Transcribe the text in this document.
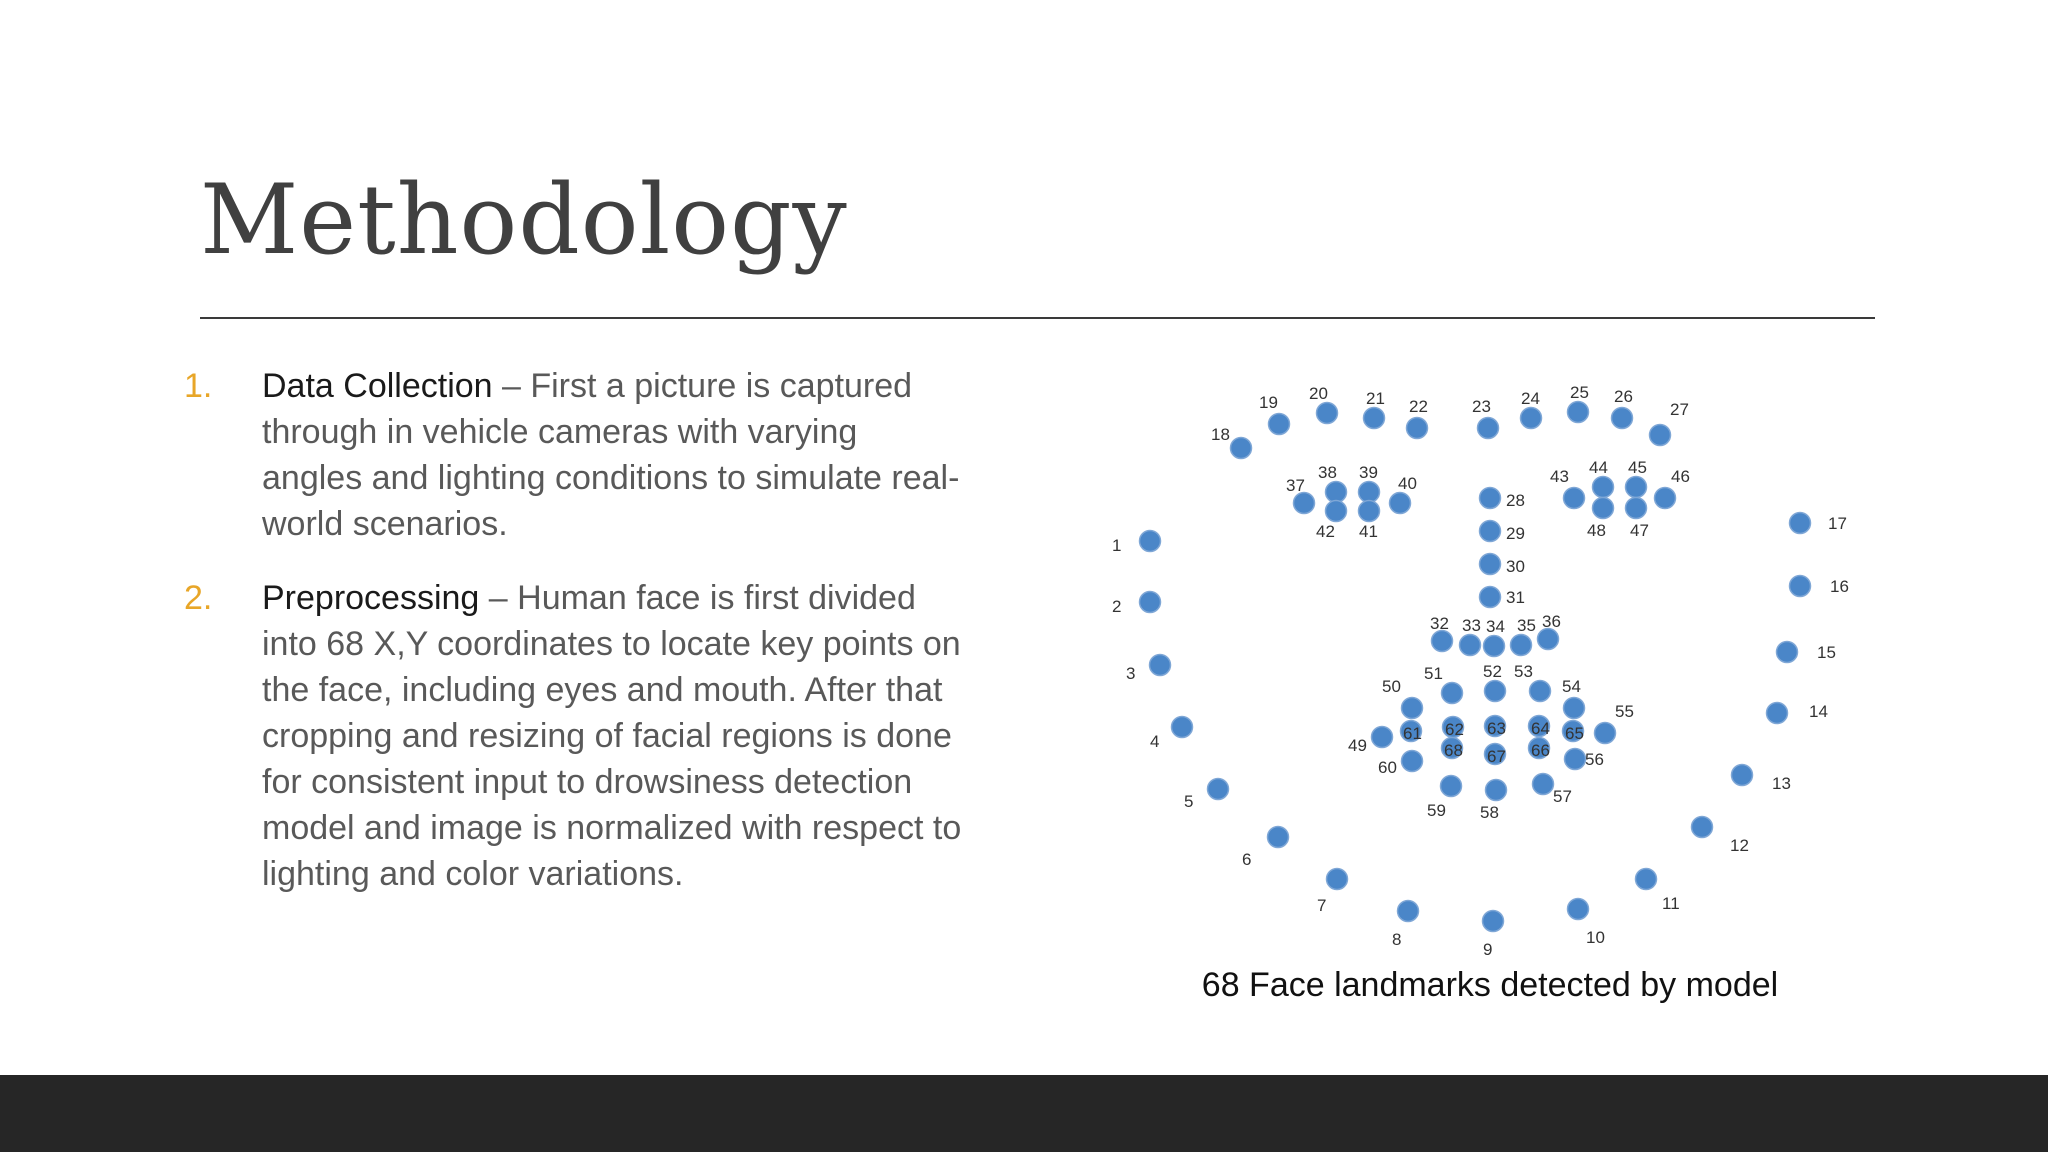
Methodology
1. Data Collection – First a picture is captured through in vehicle cameras with varying angles and lighting conditions to simulate real-world scenarios.
2. Preprocessing – Human face is first divided into 68 X,Y coordinates to locate key points on the face, including eyes and mouth. After that cropping and resizing of facial regions is done for consistent input to drowsiness detection model and image is normalized with respect to lighting and color variations.
1
2
3
4
5
6
7
8
9
10
11
12
13
14
15
16
17
18
19 20 21 22	23 24 25 26
27
28
29
30
31
32 33 34 35 36
37
38 39
40
41
42
43 44 45 46
47
48
49
50
51 52 53
54
55
56
57
58
59
60
61 62 63 64 65
66
67
68
68 Face landmarks detected by model
